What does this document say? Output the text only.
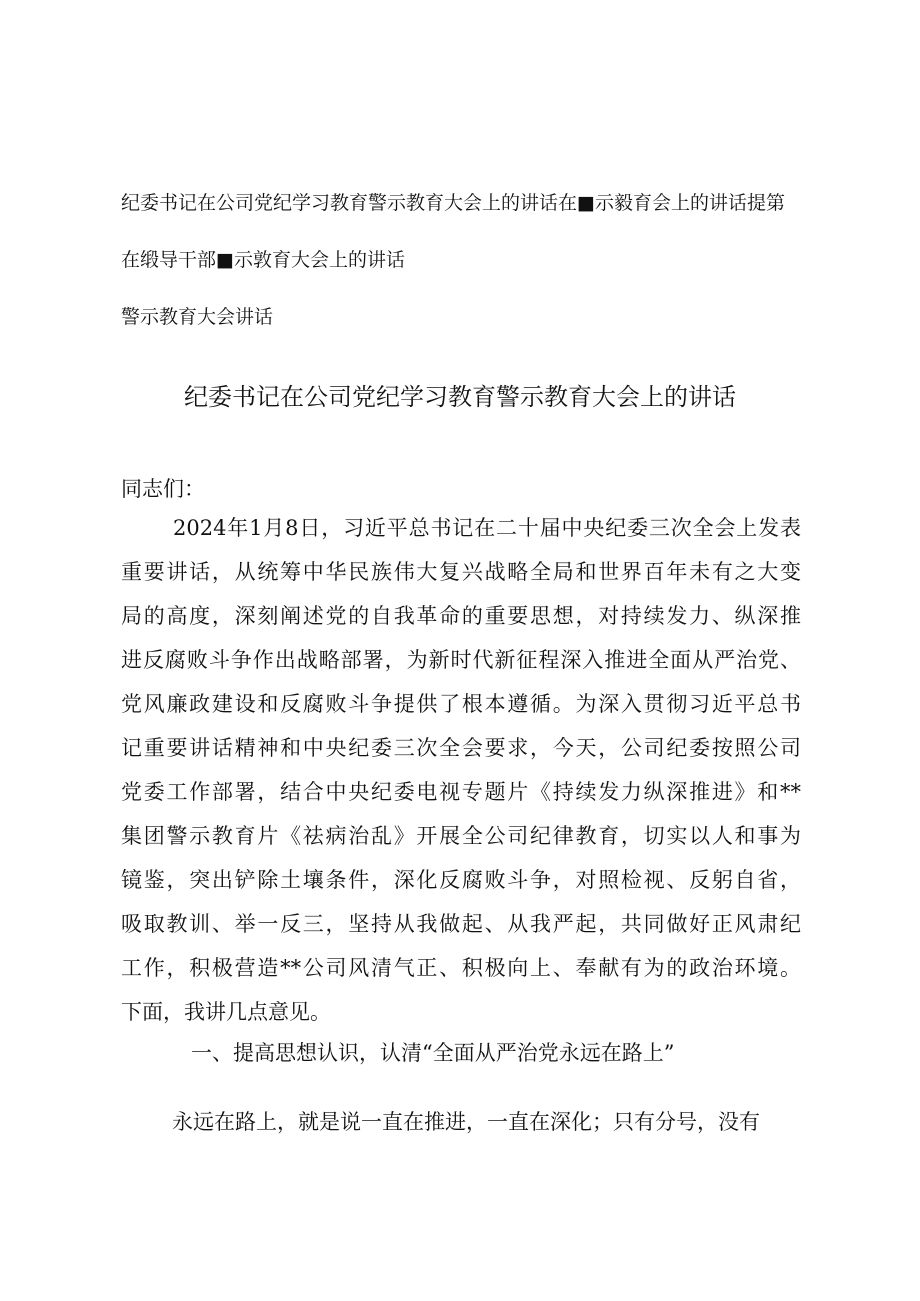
纪委书记在公司党纪学习教育警示教育大会上的讲话在■示毅育会上的讲话提第
在缎导干部■示敦育大会上的讲话
警示教育大会讲话
纪委书记在公司党纪学习教育警示教育大会上的讲话
同志们：
2024年1月8日，习近平总书记在二十届中央纪委三次全会上发表
重要讲话，从统筹中华民族伟大复兴战略全局和世界百年未有之大变
局的高度，深刻阐述党的自我革命的重要思想，对持续发力、纵深推
进反腐败斗争作出战略部署，为新时代新征程深入推进全面从严治党、
党风廉政建设和反腐败斗争提供了根本遵循。为深入贯彻习近平总书
记重要讲话精神和中央纪委三次全会要求，今天，公司纪委按照公司
党委工作部署，结合中央纪委电视专题片《持续发力纵深推进》和**
集团警示教育片《祛病治乱》开展全公司纪律教育，切实以人和事为
镜鉴，突出铲除土壤条件，深化反腐败斗争，对照检视、反躬自省，
吸取教训、举一反三，坚持从我做起、从我严起，共同做好正风肃纪
工作，积极营造**公司风清气正、积极向上、奉献有为的政治环境。
下面，我讲几点意见。
一、提高思想认识，认清“全面从严治党永远在路上”
永远在路上，就是说一直在推进，一直在深化；只有分号，没有
